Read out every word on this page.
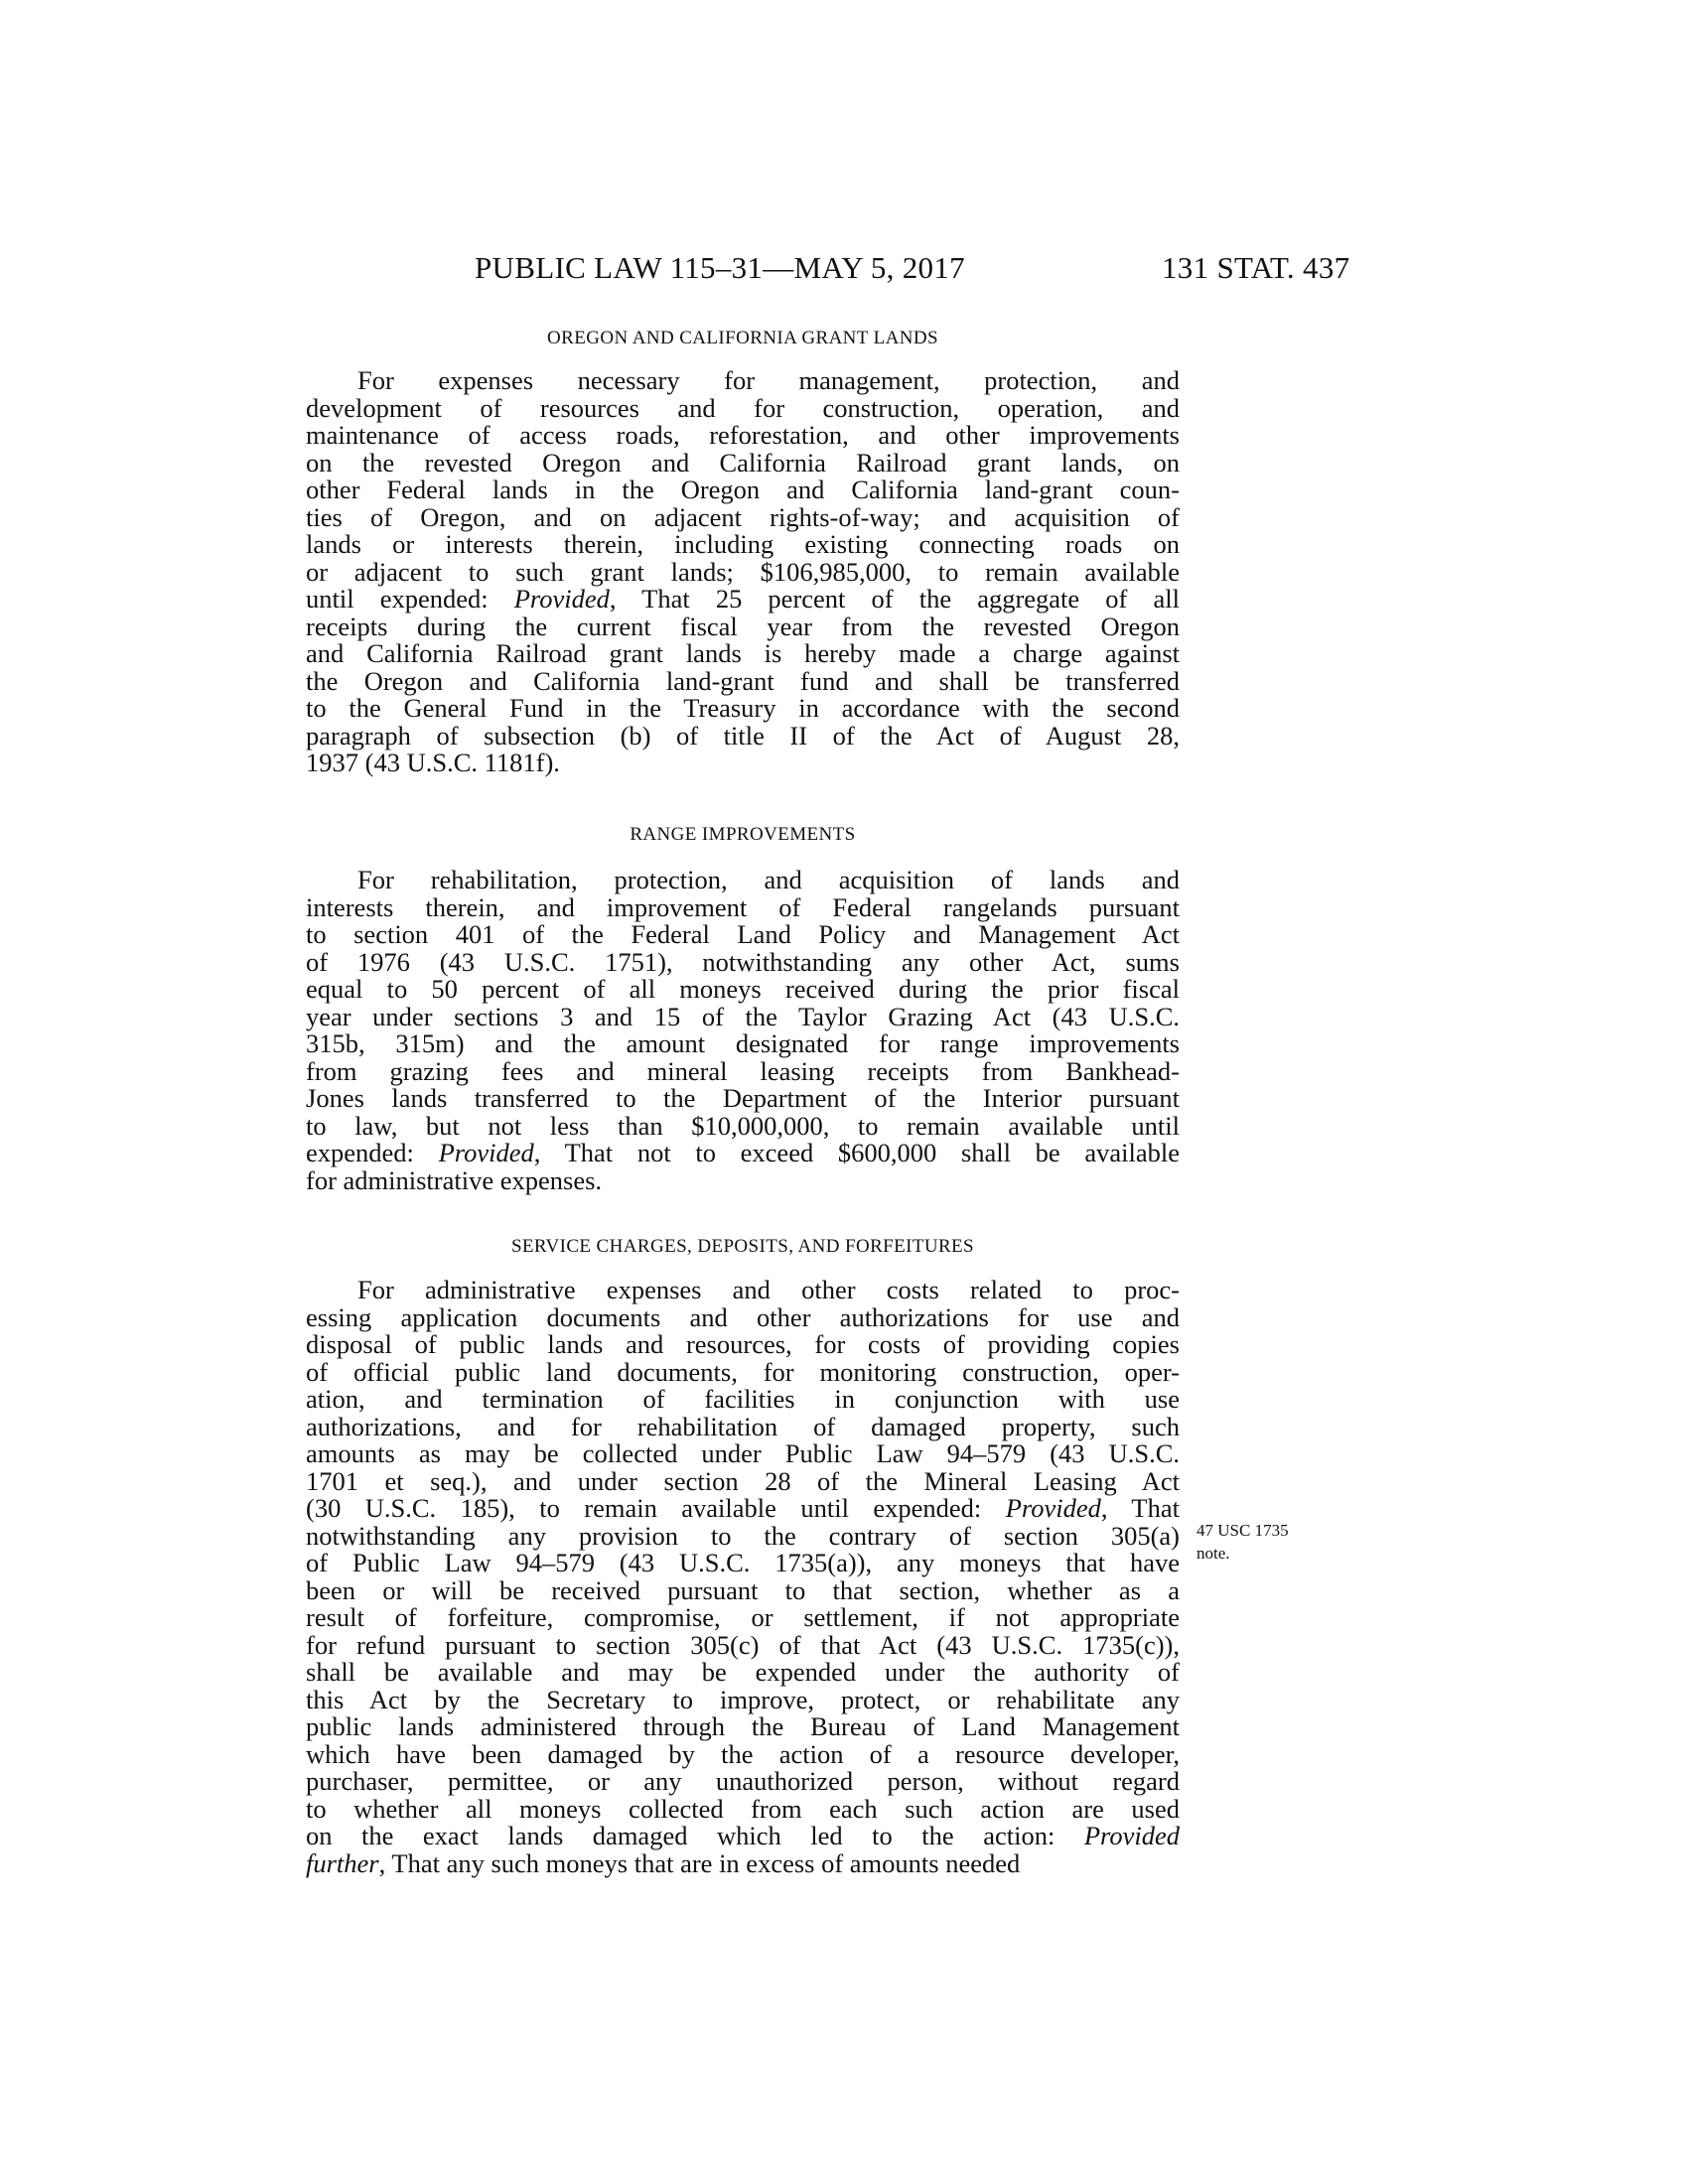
PUBLIC LAW 115–31—MAY 5, 2017	131 STAT. 437
OREGON AND CALIFORNIA GRANT LANDS
For expenses necessary for management, protection, and
development of resources and for construction, operation, and
maintenance of access roads, reforestation, and other improvements
on the revested Oregon and California Railroad grant lands, on
other Federal lands in the Oregon and California land-grant coun-
ties of Oregon, and on adjacent rights-of-way; and acquisition of
lands or interests therein, including existing connecting roads on
or adjacent to such grant lands; $106,985,000, to remain available
until expended: Provided, That 25 percent of the aggregate of all
receipts during the current fiscal year from the revested Oregon
and California Railroad grant lands is hereby made a charge against
the Oregon and California land-grant fund and shall be transferred
to the General Fund in the Treasury in accordance with the second
paragraph of subsection (b) of title II of the Act of August 28,
1937 (43 U.S.C. 1181f).
RANGE IMPROVEMENTS
For rehabilitation, protection, and acquisition of lands and
interests therein, and improvement of Federal rangelands pursuant
to section 401 of the Federal Land Policy and Management Act
of 1976 (43 U.S.C. 1751), notwithstanding any other Act, sums
equal to 50 percent of all moneys received during the prior fiscal
year under sections 3 and 15 of the Taylor Grazing Act (43 U.S.C.
315b, 315m) and the amount designated for range improvements
from grazing fees and mineral leasing receipts from Bankhead-
Jones lands transferred to the Department of the Interior pursuant
to law, but not less than $10,000,000, to remain available until
expended: Provided, That not to exceed $600,000 shall be available
for administrative expenses.
SERVICE CHARGES, DEPOSITS, AND FORFEITURES
For administrative expenses and other costs related to proc-
essing application documents and other authorizations for use and
disposal of public lands and resources, for costs of providing copies
of official public land documents, for monitoring construction, oper-
ation, and termination of facilities in conjunction with use
authorizations, and for rehabilitation of damaged property, such
amounts as may be collected under Public Law 94–579 (43 U.S.C.
1701 et seq.), and under section 28 of the Mineral Leasing Act
(30 U.S.C. 185), to remain available until expended: Provided, That
notwithstanding any provision to the contrary of section 305(a)
of Public Law 94–579 (43 U.S.C. 1735(a)), any moneys that have
been or will be received pursuant to that section, whether as a
result of forfeiture, compromise, or settlement, if not appropriate
for refund pursuant to section 305(c) of that Act (43 U.S.C. 1735(c)),
shall be available and may be expended under the authority of
this Act by the Secretary to improve, protect, or rehabilitate any
public lands administered through the Bureau of Land Management
which have been damaged by the action of a resource developer,
purchaser, permittee, or any unauthorized person, without regard
to whether all moneys collected from each such action are used
on the exact lands damaged which led to the action: Provided
further, That any such moneys that are in excess of amounts needed
47 USC 1735
note.
